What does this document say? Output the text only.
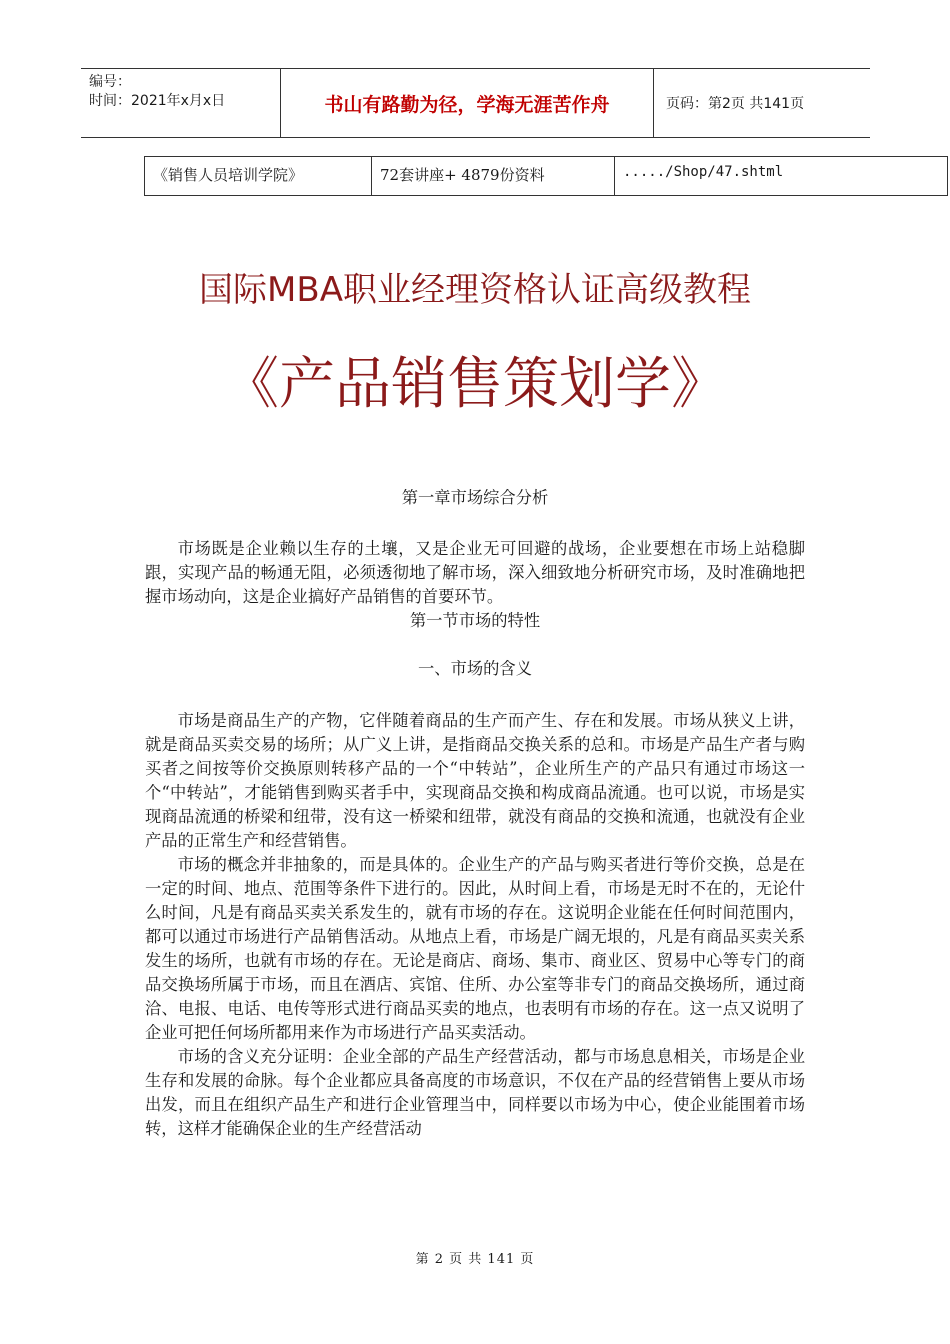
编号：
时间：2021年x月x日	书山有路勤为径，学海无涯苦作舟	页码：第2页 共141页
《销售人员培训学院》	72套讲座+ 4879份资料	...../Shop/47.shtml
国际MBA职业经理资格认证高级教程
《产品销售策划学》
第一章市场综合分析

市场既是企业赖以生存的土壤，又是企业无可回避的战场，企业要想在市场上站稳脚跟，实现产品的畅通无阻，必须透彻地了解市场，深入细致地分析研究市场，及时准确地把握市场动向，这是企业搞好产品销售的首要环节。

第一节市场的特性
一、市场的含义

市场是商品生产的产物，它伴随着商品的生产而产生、存在和发展。市场从狭义上讲，就是商品买卖交易的场所；从广义上讲，是指商品交换关系的总和。市场是产品生产者与购买者之间按等价交换原则转移产品的一个“中转站”，企业所生产的产品只有通过市场这一个“中转站”，才能销售到购买者手中，实现商品交换和构成商品流通。也可以说，市场是实现商品流通的桥梁和纽带，没有这一桥梁和纽带，就没有商品的交换和流通，也就没有企业产品的正常生产和经营销售。

市场的概念并非抽象的，而是具体的。企业生产的产品与购买者进行等价交换，总是在一定的时间、地点、范围等条件下进行的。因此，从时间上看，市场是无时不在的，无论什么时间，凡是有商品买卖关系发生的，就有市场的存在。这说明企业能在任何时间范围内，都可以通过市场进行产品销售活动。从地点上看，市场是广阔无垠的，凡是有商品买卖关系发生的场所，也就有市场的存在。无论是商店、商场、集市、商业区、贸易中心等专门的商品交换场所属于市场，而且在酒店、宾馆、住所、办公室等非专门的商品交换场所，通过商洽、电报、电话、电传等形式进行商品买卖的地点，也表明有市场的存在。这一点又说明了企业可把任何场所都用来作为市场进行产品买卖活动。

市场的含义充分证明：企业全部的产品生产经营活动，都与市场息息相关，市场是企业生存和发展的命脉。每个企业都应具备高度的市场意识，不仅在产品的经营销售上要从市场出发，而且在组织产品生产和进行企业管理当中，同样要以市场为中心，使企业能围着市场转，这样才能确保企业的生产经营活动

第 2 页 共 141 页
